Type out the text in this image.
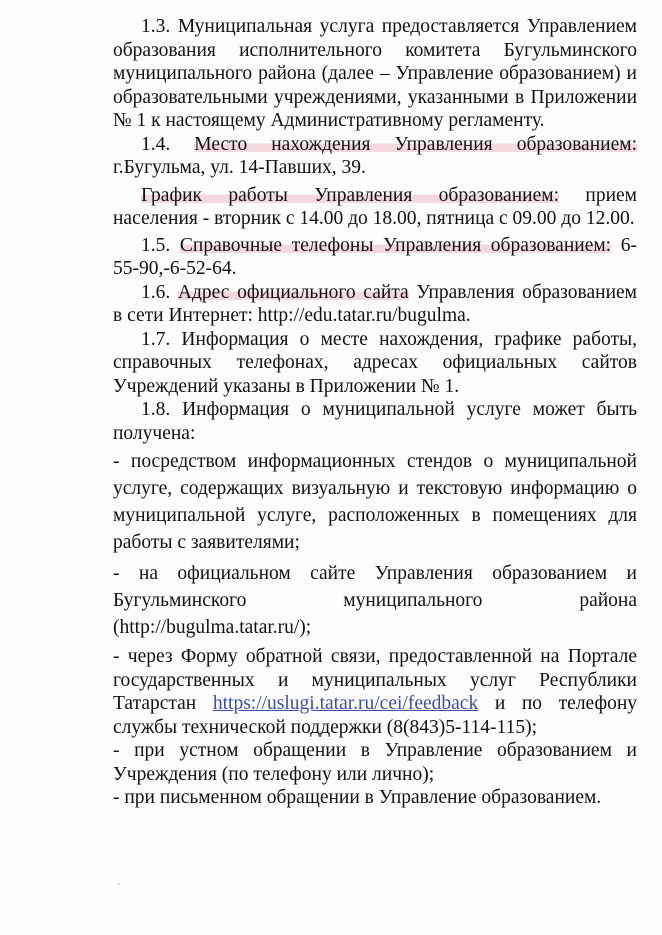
1.3. Муниципальная услуга предоставляется Управлением образования исполнительного комитета Бугульминского муниципального района (далее – Управление образованием) и образовательными учреждениями, указанными в Приложении № 1 к настоящему Административному регламенту.

1.4. Место нахождения Управления образованием: г.Бугульма, ул. 14-Павших, 39.

График работы Управления образованием: прием населения - вторник с 14.00 до 18.00, пятница с 09.00 до 12.00.

1.5. Справочные телефоны Управления образованием: 6-55-90,-6-52-64.

1.6. Адрес официального сайта Управления образованием в сети Интернет: http://edu.tatar.ru/bugulma.

1.7. Информация о месте нахождения, графике работы, справочных телефонах, адресах официальных сайтов Учреждений указаны в Приложении № 1.

1.8. Информация о муниципальной услуге может быть получена:

- посредством информационных стендов о муниципальной услуге, содержащих визуальную и текстовую информацию о муниципальной услуге, расположенных в помещениях для работы с заявителями;

- на официальном сайте Управления образованием и Бугульминского муниципального района (http://bugulma.tatar.ru/);

- через Форму обратной связи, предоставленной на Портале государственных и муниципальных услуг Республики Татарстан https://uslugi.tatar.ru/cei/feedback и по телефону службы технической поддержки (8(843)5-114-115);

- при устном обращении в Управление образованием и Учреждения (по телефону или лично);

- при письменном обращении в Управление образованием.
